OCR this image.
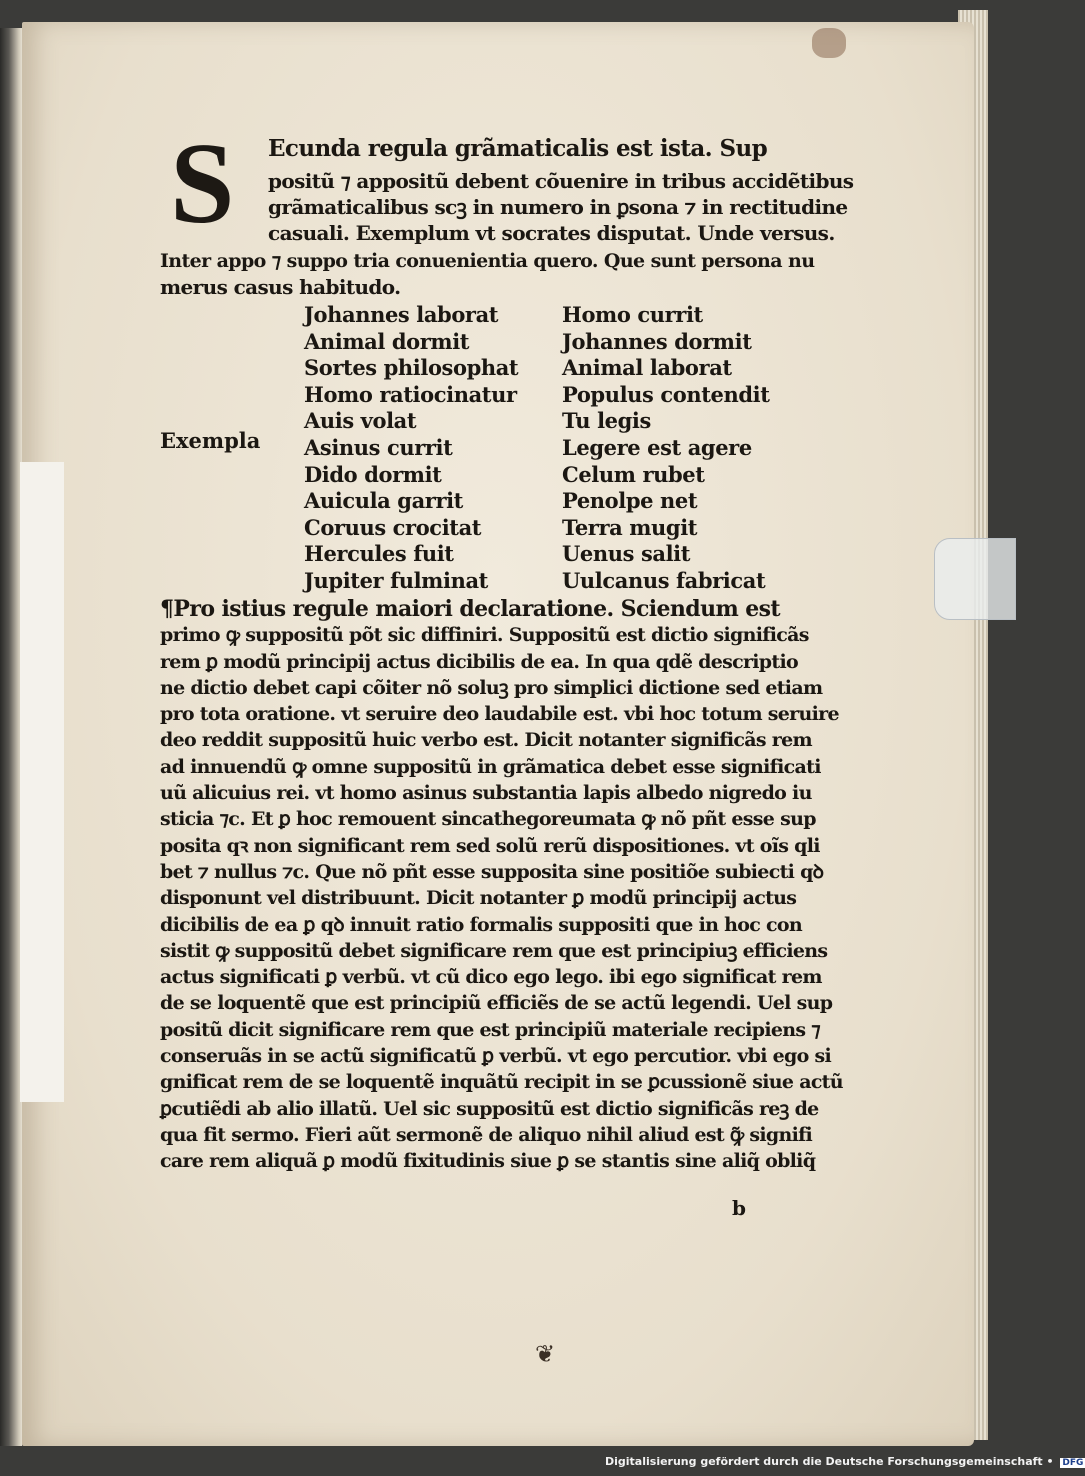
S Ecunda regula grãmaticalis est ista. Sup
positũ ⁊ appositũ debent cõuenire in tribus accidẽtibus
grãmaticalibus scꝫ in numero in ꝑsona ⁊ in rectitudine
casuali. Exemplum vt socrates disputat. Unde versus.
Inter appo ⁊ suppo tria conuenientia quero. Que sunt persona nu
merus casus habitudo.
Exempla
Johannes laborat
Animal dormit
Sortes philosophat
Homo ratiocinatur
Auis volat
Asinus currit
Dido dormit
Auicula garrit
Coruus crocitat
Hercules fuit
Jupiter fulminat
Homo currit
Johannes dormit
Animal laborat
Populus contendit
Tu legis
Legere est agere
Celum rubet
Penolpe net
Terra mugit
Uenus salit
Uulcanus fabricat
¶Pro istius regule maiori declaratione. Sciendum est
primo ꝙ suppositũ põt sic diffiniri. Suppositũ est dictio significãs
rem ꝑ modũ principij actus dicibilis de ea. In qua qdẽ descriptio
ne dictio debet capi cõiter nõ soluꝫ pro simplici dictione sed etiam
pro tota oratione. vt seruire deo laudabile est. vbi hoc totum seruire
deo reddit suppositũ huic verbo est. Dicit notanter significãs rem
ad innuendũ ꝙ omne suppositũ in grãmatica debet esse significati
uũ alicuius rei. vt homo asinus substantia lapis albedo nigredo iu
sticia ⁊c. Et ꝑ hoc remouent sincathegoreumata ꝙ nõ pñt esse sup
posita qꝛ non significant rem sed solũ rerũ dispositiones. vt oĩs qli
bet ⁊ nullus ⁊c. Que nõ pñt esse supposita sine positiõe subiecti qꝺ
disponunt vel distribuunt. Dicit notanter ꝑ modũ principij actus
dicibilis de ea ꝑ qꝺ innuit ratio formalis suppositi que in hoc con
sistit ꝙ suppositũ debet significare rem que est principiuꝫ efficiens
actus significati ꝑ verbũ. vt cũ dico ego lego. ibi ego significat rem
de se loquentẽ que est principiũ efficiẽs de se actũ legendi. Uel sup
positũ dicit significare rem que est principiũ materiale recipiens ⁊
conseruãs in se actũ significatũ ꝑ verbũ. vt ego percutior. vbi ego si
gnificat rem de se loquentẽ inquãtũ recipit in se ꝑcussionẽ siue actũ
ꝑcutiẽdi ab alio illatũ. Uel sic suppositũ est dictio significãs reꝫ de
qua fit sermo. Fieri aũt sermonẽ de aliquo nihil aliud est ꝙ̃ signifi
care rem aliquã ꝑ modũ fixitudinis siue ꝑ se stantis sine aliq̃ obliq̃
b
❦
Digitalisierung gefördert durch die Deutsche Forschungsgemeinschaft • DFG
